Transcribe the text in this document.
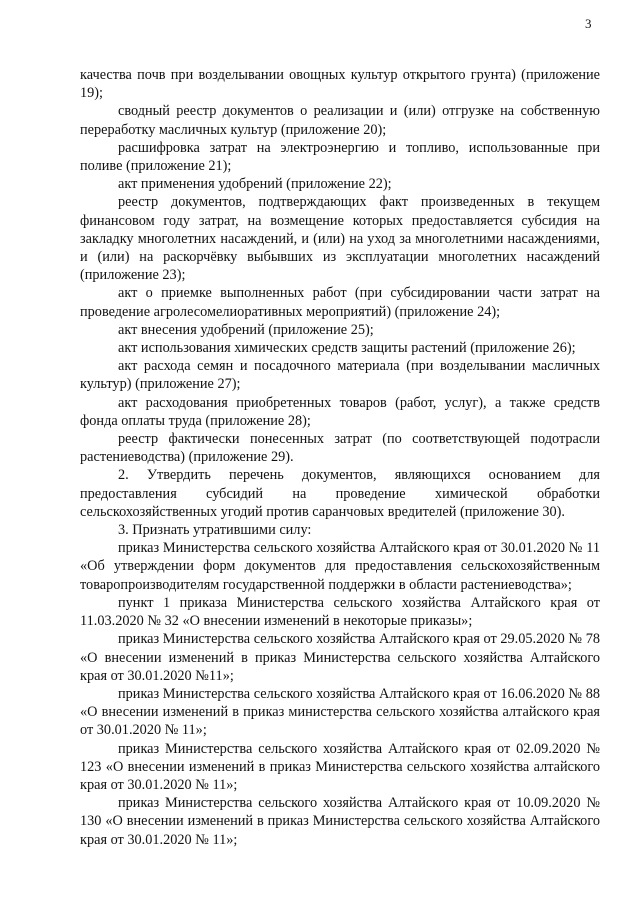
3

качества почв при возделывании овощных культур открытого грунта) (приложение 19);

сводный реестр документов о реализации и (или) отгрузке на собственную переработку масличных культур (приложение 20);

расшифровка затрат на электроэнергию и топливо, использованные при поливе (приложение 21);

акт применения удобрений (приложение 22);

реестр документов, подтверждающих факт произведенных в текущем финансовом году затрат, на возмещение которых предоставляется субсидия на закладку многолетних насаждений, и (или) на уход за многолетними насаждениями, и (или) на раскорчёвку выбывших из эксплуатации многолетних насаждений (приложение 23);

акт о приемке выполненных работ (при субсидировании части затрат на проведение агролесомелиоративных мероприятий) (приложение 24);

акт внесения удобрений (приложение 25);

акт использования химических средств защиты растений (приложение 26);

акт расхода семян и посадочного материала (при возделывании масличных культур) (приложение 27);

акт расходования приобретенных товаров (работ, услуг), а также средств фонда оплаты труда (приложение 28);

реестр фактически понесенных затрат (по соответствующей подотрасли растениеводства) (приложение 29).

2. Утвердить перечень документов, являющихся основанием для предоставления субсидий на проведение химической обработки сельскохозяйственных угодий против саранчовых вредителей (приложение 30).

3. Признать утратившими силу:

приказ Министерства сельского хозяйства Алтайского края от 30.01.2020 № 11 «Об утверждении форм документов для предоставления сельскохозяйственным товаропроизводителям государственной поддержки в области растениеводства»;

пункт 1 приказа Министерства сельского хозяйства Алтайского края от 11.03.2020 № 32 «О внесении изменений в некоторые приказы»;

приказ Министерства сельского хозяйства Алтайского края от 29.05.2020 № 78 «О внесении изменений в приказ Министерства сельского хозяйства Алтайского края от 30.01.2020 №11»;

приказ Министерства сельского хозяйства Алтайского края от 16.06.2020 № 88 «О внесении изменений в приказ министерства сельского хозяйства алтайского края от 30.01.2020 № 11»;

приказ Министерства сельского хозяйства Алтайского края от 02.09.2020 № 123 «О внесении изменений в приказ Министерства сельского хозяйства алтайского края от 30.01.2020 № 11»;

приказ Министерства сельского хозяйства Алтайского края от 10.09.2020 № 130 «О внесении изменений в приказ Министерства сельского хозяйства Алтайского края от 30.01.2020 № 11»;
